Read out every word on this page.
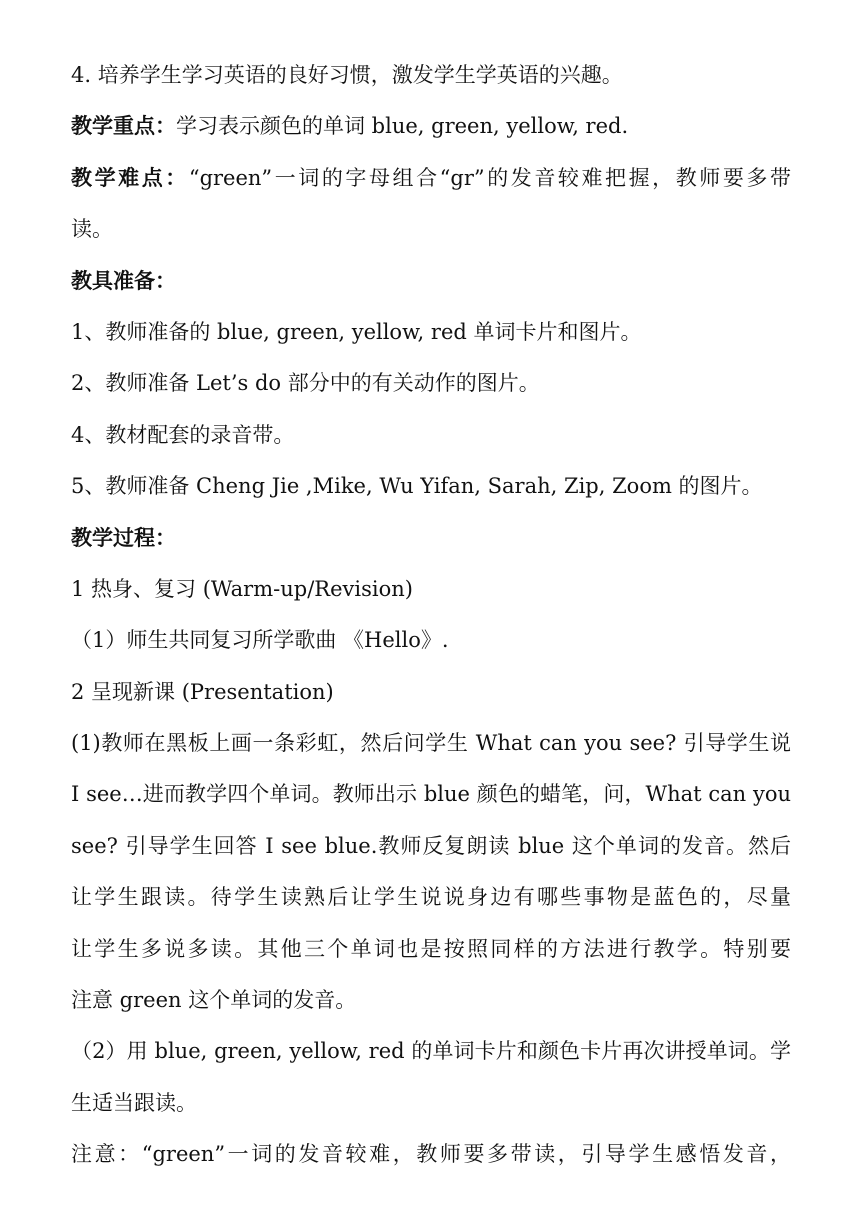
4. 培养学生学习英语的良好习惯，激发学生学英语的兴趣。
教学重点：学习表示颜色的单词 blue, green, yellow, red.
教学难点：“green”一词的字母组合“gr”的发音较难把握，教师要多带
读。
教具准备：
1、教师准备的 blue, green, yellow, red 单词卡片和图片。
2、教师准备 Let’s do 部分中的有关动作的图片。
4、教材配套的录音带。
5、教师准备 Cheng Jie ,Mike, Wu Yifan, Sarah, Zip, Zoom 的图片。
教学过程：
1 热身、复习 (Warm-up/Revision)
（1）师生共同复习所学歌曲 《Hello》.
2 呈现新课 (Presentation)
(1)教师在黑板上画一条彩虹，然后问学生 What can you see? 引导学生说
I see…进而教学四个单词。教师出示 blue 颜色的蜡笔，问，What can you
see? 引导学生回答 I see blue.教师反复朗读 blue 这个单词的发音。然后
让学生跟读。待学生读熟后让学生说说身边有哪些事物是蓝色的，尽量
让学生多说多读。其他三个单词也是按照同样的方法进行教学。特别要
注意 green 这个单词的发音。
（2）用 blue, green, yellow, red 的单词卡片和颜色卡片再次讲授单词。学
生适当跟读。
注意：“green”一词的发音较难，教师要多带读，引导学生感悟发音，
